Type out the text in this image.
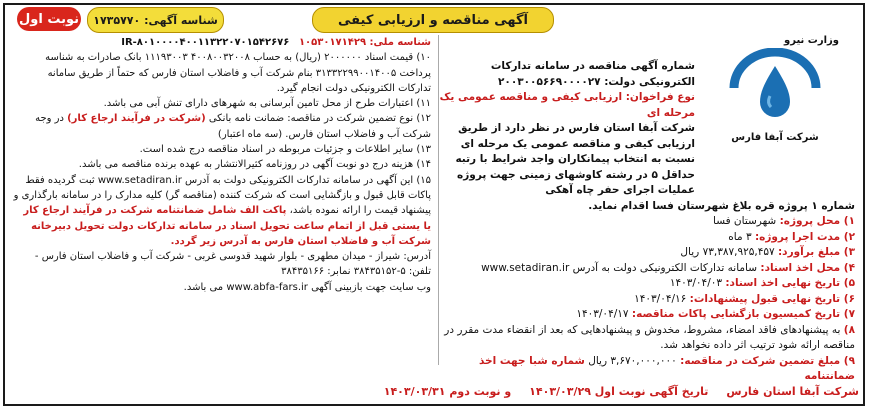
آگهی مناقصه و ارزیابی کیفی
شناسه آگهی: ۱۷۳۵۷۷۰
نوبت اول
وزارت نیرو
شرکت آبفا فارس

شماره آگهی مناقصه در سامانه تدارکات الکترونیکی دولت: ۲۰۰۳۰۰۵۶۶۹۰۰۰۰۲۷

نوع فراخوان: ارزیابی کیفی و مناقصه عمومی یک مرحله ای

شرکت آبفا استان فارس در نظر دارد از طریق ارزیابی کیفی و مناقصه عمومی یک مرحله ای نسبت به انتخاب پیمانکاران واجد شرایط با رتبه حداقل ۵ در رشته کاوشهای زمینی جهت پروژه عملیات اجرای حفر چاه آهکی

شماره ۱ پروژه قره بلاغ شهرستان فسا اقدام نماید.

۱) محل پروژه: شهرستان فسا

۲) مدت اجرا پروژه: ۳ ماه

۳) مبلغ برآورد: ۷۳,۳۸۷,۹۲۵,۴۵۷ ریال

۴) محل اخذ اسناد: سامانه تدارکات الکترونیکی دولت به آدرس www.setadiran.ir

۵) تاریخ نهایی اخذ اسناد: ۱۴۰۳/۰۴/۰۳

۶) تاریخ نهایی قبول پیشنهادات: ۱۴۰۳/۰۴/۱۶

۷) تاریخ کمیسیون بازگشایی پاکات مناقصه: ۱۴۰۳/۰۴/۱۷

۸) به پیشنهادهای فاقد امضاء، مشروط، مخدوش و پیشنهادهایی که بعد از انقضاء مدت مقرر در مناقصه ارائه شود ترتیب اثر داده نخواهد شد.

۹) مبلغ تضمین شرکت در مناقصه: ۳,۶۷۰,۰۰۰,۰۰۰ ریال شماره شبا جهت اخذ ضمانتنامه

شناسه ملی: ۱۰۵۳۰۱۷۱۴۲۹   IR-۸۰۱۰۰۰۰۴۰۰۱۱۳۲۲۰۷۰۱۵۴۲۶۷۶

۱۰) قیمت اسناد ۲۰۰۰۰۰۰ (ریال) به حساب ۴۰۰۸۰۰۳۲۰۰۸ ۱۱۱۹۳۰۰۳ بانک صادرات به شناسه پرداخت ۳۱۳۳۲۲۹۹۰۰۱۴۰۰۵ بنام شرکت آب و فاضلاب استان فارس که حتماً از طریق سامانه تدارکات الکترونیکی دولت انجام گیرد.

۱۱) اعتبارات طرح از محل تامین آبرسانی به شهرهای دارای تنش آبی می باشد.

۱۲) نوع تضمین شرکت در مناقصه: ضمانت نامه بانکی (شرکت در فرآیند ارجاع کار) در وجه شرکت آب و فاضلاب استان فارس. (سه ماه اعتبار)

۱۳) سایر اطلاعات و جزئیات مربوطه در اسناد مناقصه درج شده است.

۱۴) هزینه درج دو نوبت آگهی در روزنامه کثیرالانتشار به عهده برنده مناقصه می باشد.

۱۵) این آگهی در سامانه تدارکات الکترونیکی دولت به آدرس www.setadiran.ir ثبت گردیده فقط پاکات قابل قبول و بازگشایی است که شرکت کننده (مناقصه گر) کلیه مدارک را در سامانه بارگذاری و پیشنهاد قیمت را ارائه نموده باشد، پاکت الف شامل ضمانتنامه شرکت در فرآیند ارجاع کار یا یستی قبل از اتمام ساعت تحویل اسناد در سامانه تدارکات دولت تحویل دبیرخانه شرکت آب و فاضلاب استان فارس به آدرس زیر گردد.

آدرس: شیراز - میدان مطهری - بلوار شهید قدوسی غربی - شرکت آب و فاضلاب استان فارس - تلفن: ۵-۳۸۴۳۵۱۵۲ نمابر: ۳۸۴۳۵۱۶۶

وب سایت جهت بازبینی آگهی www.abfa-fars.ir می باشد.

شرکت آبفا استان فارس
تاریخ آگهی نوبت اول ۱۴۰۳/۰۳/۲۹
و نوبت دوم ۱۴۰۳/۰۳/۳۱
